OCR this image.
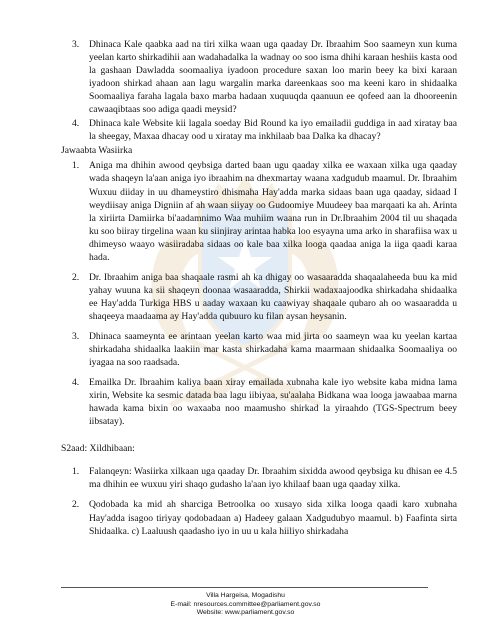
3. Dhinaca Kale qaabka aad na tiri xilka waan uga qaaday Dr. Ibraahim Soo saameyn xun kuma yeelan karto shirkadihii aan wadahadalka la wadnay oo soo isma dhihi karaan heshiis kasta ood la gashaan Dawladda soomaaliya iyadoon procedure saxan loo marin beey ka bixi karaan iyadoon shirkad ahaan aan lagu wargalin marka dareenkaas soo ma keeni karo in shidaalka Soomaaliya faraha lagala baxo marba hadaan xuquuqda qaanuun ee qofeed aan la dhooreenin cawaaqibtaas soo adiga qaadi meysid?
4. Dhinaca kale Website kii lagala soeday Bid Round ka iyo emailadii guddiga in aad xiratay baa la sheegay, Maxaa dhacay ood u xiratay ma inkhilaab baa Dalka ka dhacay?
Jawaabta Wasiirka
1. Aniga ma dhihin awood qeybsiga darted baan ugu qaaday xilka ee waxaan xilka uga qaaday wada shaqeyn la'aan aniga iyo ibraahim na dhexmartay waana xadgudub maamul. Dr. Ibraahim Wuxuu diiday in uu dhameystiro dhismaha Hay'adda marka sidaas baan uga qaaday, sidaad I weydiisay aniga Digniin af ah waan siiyay oo Gudoomiye Muudeey baa marqaati ka ah. Arinta la xiriirta Damiirka bi'aadamnimo Waa muhiim waana run in Dr.Ibraahim 2004 til uu shaqada ku soo biiray tirgelina waan ku siinjiray arintaa habka loo esyayna uma arko in sharafiisa wax u dhimeyso waayo wasiiradaba sidaas oo kale baa xilka looga qaadaa aniga la iiga qaadi karaa hada.
2. Dr. Ibraahim aniga baa shaqaale rasmi ah ka dhigay oo wasaaradda shaqaalaheeda buu ka mid yahay wuuna ka sii shaqeyn doonaa wasaaradda, Shirkii wadaxaajoodka shirkadaha shidaalka ee Hay'adda Turkiga HBS u aaday waxaan ku caawiyay shaqaale qubaro ah oo wasaaradda u shaqeeya maadaama ay Hay'adda qubuuro ku filan aysan heysanin.
3. Dhinaca saameynta ee arintaan yeelan karto waa mid jirta oo saameyn waa ku yeelan kartaa shirkadaha shidaalka laakiin mar kasta shirkadaha kama maarmaan shidaalka Soomaaliya oo iyagaa na soo raadsada.
4. Emailka Dr. Ibraahim kaliya baan xiray emailada xubnaha kale iyo website kaba midna lama xirin, Website ka sesmic datada baa lagu iibiyaa, su'aalaha Bidkana waa looga jawaabaa marna hawada kama bixin oo waxaaba noo maamusho shirkad la yiraahdo (TGS-Spectrum beey iibsatay).
S2aad: Xildhibaan:
1. Falanqeyn: Wasiirka xilkaan uga qaaday Dr. Ibraahim sixidda awood qeybsiga ku dhisan ee 4.5 ma dhihin ee wuxuu yiri shaqo gudasho la'aan iyo khilaaf baan uga qaaday xilka.
2. Qodobada ka mid ah sharciga Betroolka oo xusayo sida xilka looga qaadi karo xubnaha Hay'adda isagoo tiriyay qodobadaan a) Hadeey galaan Xadgudubyo maamul. b) Faafinta sirta Shidaalka. c) Laaluush qaadasho iyo in uu u kala hiiliyo shirkadaha
Villa Hargeisa, Mogadishu
E-mail: nresources.committee@parliament.gov.so
Website: www.parliament.gov.so
